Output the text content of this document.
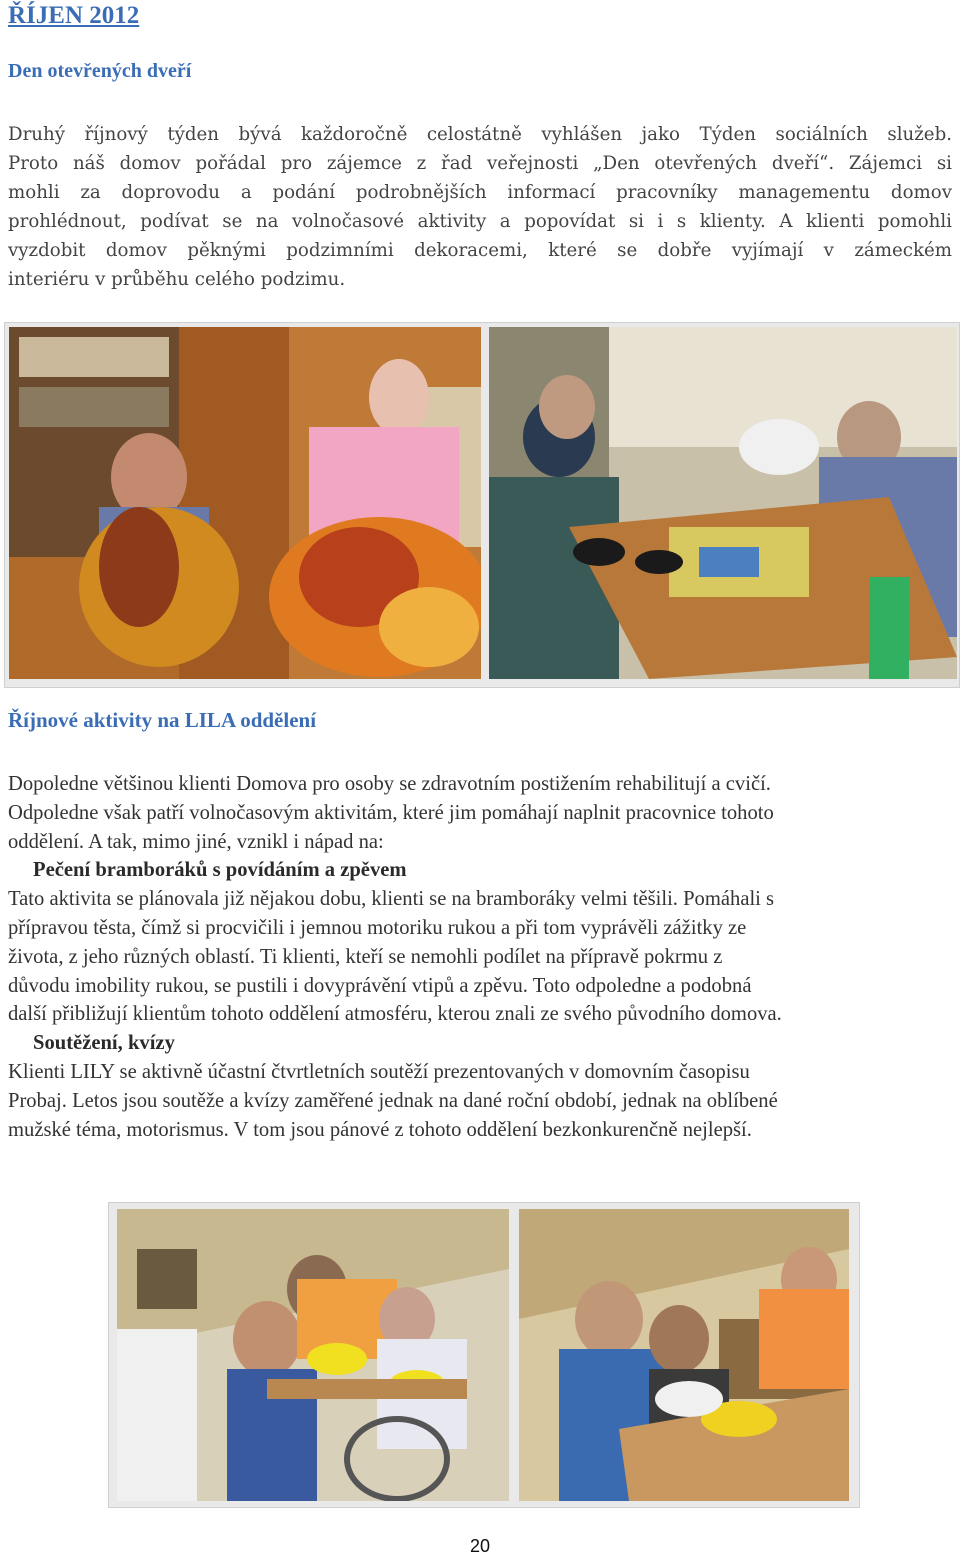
ŘÍJEN 2012
Den otevřených dveří
Druhý říjnový týden bývá každoročně celostátně vyhlášen jako Týden sociálních služeb.
Proto náš domov pořádal pro zájemce z řad veřejnosti „Den otevřených dveří“. Zájemci si
mohli za doprovodu a podání podrobnějších informací pracovníky managementu domov
prohlédnout, podívat se na volnočasové aktivity a popovídat si i s klienty. A klienti pomohli
vyzdobit domov pěknými podzimními dekoracemi, které se dobře vyjímají v zámeckém
interiéru v průběhu celého podzimu.
Říjnové aktivity na LILA oddělení
Dopoledne většinou klienti Domova pro osoby se zdravotním postižením rehabilitují a cvičí.
Odpoledne však patří volnočasovým aktivitám, které jim pomáhají naplnit pracovnice tohoto
oddělení. A tak, mimo jiné, vznikl i nápad na:
Pečení bramboráků s povídáním a zpěvem
Tato aktivita se plánovala již nějakou dobu, klienti se na bramboráky velmi těšili. Pomáhali s
přípravou těsta, čímž si procvičili i jemnou motoriku rukou a při tom vyprávěli zážitky ze
života, z jeho různých oblastí. Ti klienti, kteří se nemohli podílet na přípravě pokrmu z
důvodu imobility rukou, se pustili i dovyprávění vtipů a zpěvu. Toto odpoledne a podobná
další přibližují klientům tohoto oddělení atmosféru, kterou znali ze svého původního domova.
Soutěžení, kvízy
Klienti LILY se aktivně účastní čtvrtletních soutěží prezentovaných v domovním časopisu
Probaj. Letos jsou soutěže a kvízy zaměřené jednak na dané roční období, jednak na oblíbené
mužské téma, motorismus. V tom jsou pánové z tohoto oddělení bezkonkurenčně nejlepší.
20
